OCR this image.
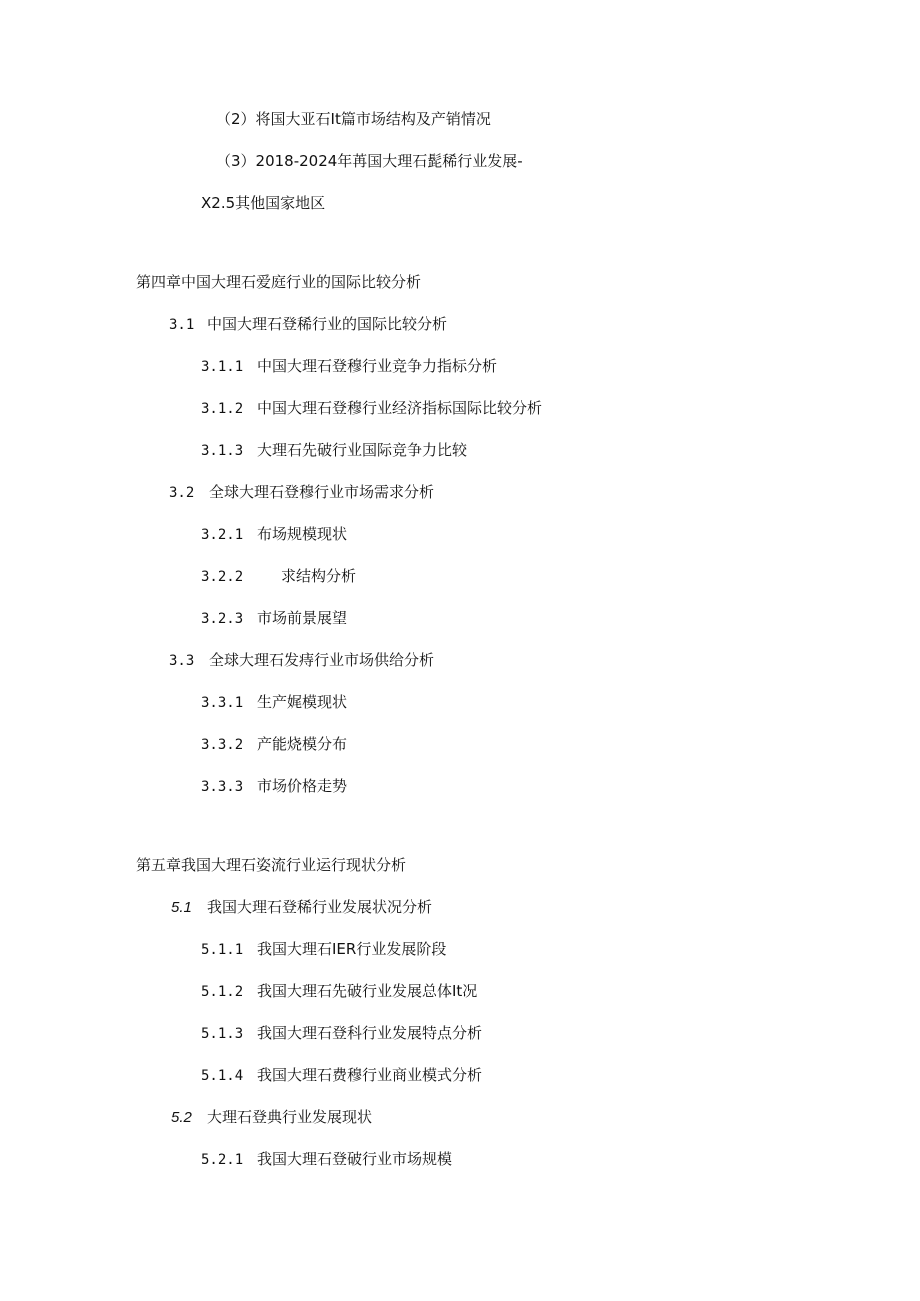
（2）将国大亚石It篇市场结构及产销情况
（3）2018-2024年苒国大理石髭稀行业发展-
X2.5其他国家地区
第四章中国大理石爱庭行业的国际比较分析
3.1 中国大理石登稀行业的国际比较分析
3.1.1 中国大理石登穆行业竞争力指标分析
3.1.2 中国大理石登穆行业经济指标国际比较分析
3.1.3 大理石先破行业国际竞争力比较
3.2 全球大理石登穆行业市场需求分析
3.2.1 布场规模现状
3.2.2	求结构分析
3.2.3 市场前景展望
3.3 全球大理石发痔行业市场供给分析
3.3.1 生产娓模现状
3.3.2 产能烧模分布
3.3.3 市场价格走势
第五章我国大理石姿流行业运行现状分析
5.1 我国大理石登稀行业发展状况分析
5.1.1 我国大理石IER行业发展阶段
5.1.2 我国大理石先破行业发展总体It况
5.1.3 我国大理石登科行业发展特点分析
5.1.4 我国大理石费穆行业商业模式分析
5.2 大理石登典行业发展现状
5.2.1 我国大理石登破行业市场规模
